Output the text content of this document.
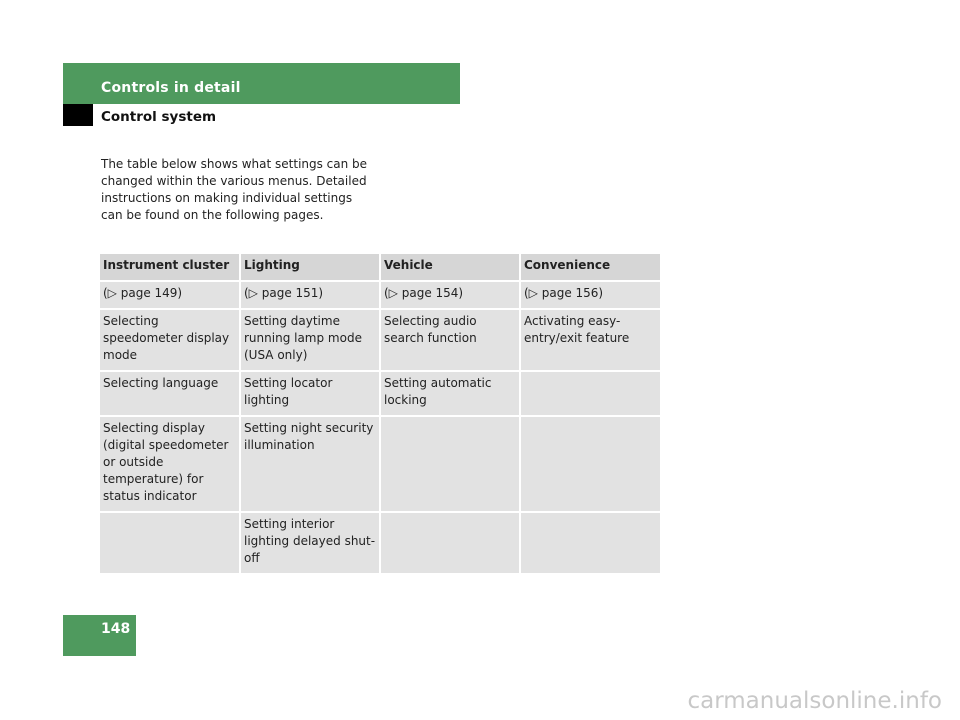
Controls in detail
Control system
The table below shows what settings can be changed within the various menus. Detailed instructions on making individual settings can be found on the following pages.
Instrument cluster	Lighting	Vehicle	Convenience
(▷ page 149)	(▷ page 151)	(▷ page 154)	(▷ page 156)
Selecting speedometer display mode	Setting daytime running lamp mode (USA only)	Selecting audio search function	Activating easy-entry/exit feature
Selecting language	Setting locator lighting	Setting automatic locking	
Selecting display (digital speedometer or outside temperature) for status indicator	Setting night security illumination		
	Setting interior lighting delayed shut-off		
148
carmanualsonline.info
